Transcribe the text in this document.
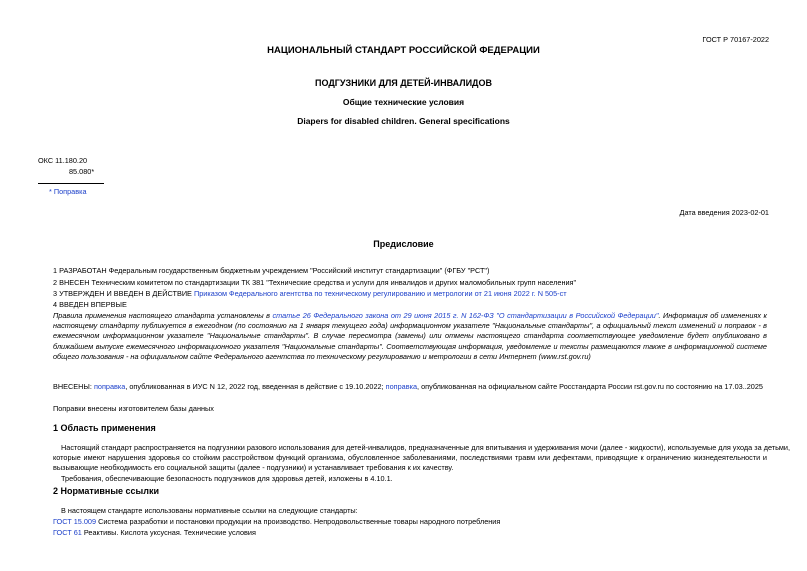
ГОСТ Р 70167-2022
НАЦИОНАЛЬНЫЙ СТАНДАРТ РОССИЙСКОЙ ФЕДЕРАЦИИ
ПОДГУЗНИКИ ДЛЯ ДЕТЕЙ-ИНВАЛИДОВ
Общие технические условия
Diapers for disabled children. General specifications
ОКС 11.180.20
85.080*
* Поправка
Дата введения 2023-02-01
Предисловие
1 РАЗРАБОТАН Федеральным государственным бюджетным учреждением "Российский институт стандартизации" (ФГБУ "РСТ")
2 ВНЕСЕН Техническим комитетом по стандартизации ТК 381 "Технические средства и услуги для инвалидов и других маломобильных групп населения"
3 УТВЕРЖДЕН И ВВЕДЕН В ДЕЙСТВИЕ Приказом Федерального агентства по техническому регулированию и метрологии от 21 июня 2022 г. N 505-ст
4 ВВЕДЕН ВПЕРВЫЕ
Правила применения настоящего стандарта установлены в статье 26 Федерального закона от 29 июня 2015 г. N 162-ФЗ "О стандартизации в Российской Федерации". Информация об изменениях к
настоящему стандарту публикуется в ежегодном (по состоянию на 1 января текущего года) информационном указателе "Национальные стандарты", а официальный текст изменений и поправок - в
ежемесячном информационном указателе "Национальные стандарты". В случае пересмотра (замены) или отмены настоящего стандарта соответствующее уведомление будет опубликовано в
ближайшем выпуске ежемесячного информационного указателя "Национальные стандарты". Соответствующая информация, уведомление и тексты размещаются также в информационной системе
общего пользования - на официальном сайте Федерального агентства по техническому регулированию и метрологии в сети Интернет (www.rst.gov.ru)
ВНЕСЕНЫ: поправка, опубликованная в ИУС N 12, 2022 год, введенная в действие с 19.10.2022; поправка, опубликованная на официальном сайте Росстандарта России rst.gov.ru по состоянию на 17.03..2025
Поправки внесены изготовителем базы данных
1 Область применения
Настоящий стандарт распространяется на подгузники разового использования для детей-инвалидов, предназначенные для впитывания и удерживания мочи (далее - жидкости), используемые для ухода за детьми,
которые имеют нарушения здоровья со стойким расстройством функций организма, обусловленное заболеваниями, последствиями травм или дефектами, приводящие к ограничению жизнедеятельности и
вызывающие необходимость его социальной защиты (далее - подгузники) и устанавливает требования к их качеству.
Требования, обеспечивающие безопасность подгузников для здоровья детей, изложены в 4.10.1.
2 Нормативные ссылки
В настоящем стандарте использованы нормативные ссылки на следующие стандарты:
ГОСТ 15.009 Система разработки и постановки продукции на производство. Непродовольственные товары народного потребления
ГОСТ 61 Реактивы. Кислота уксусная. Технические условия
